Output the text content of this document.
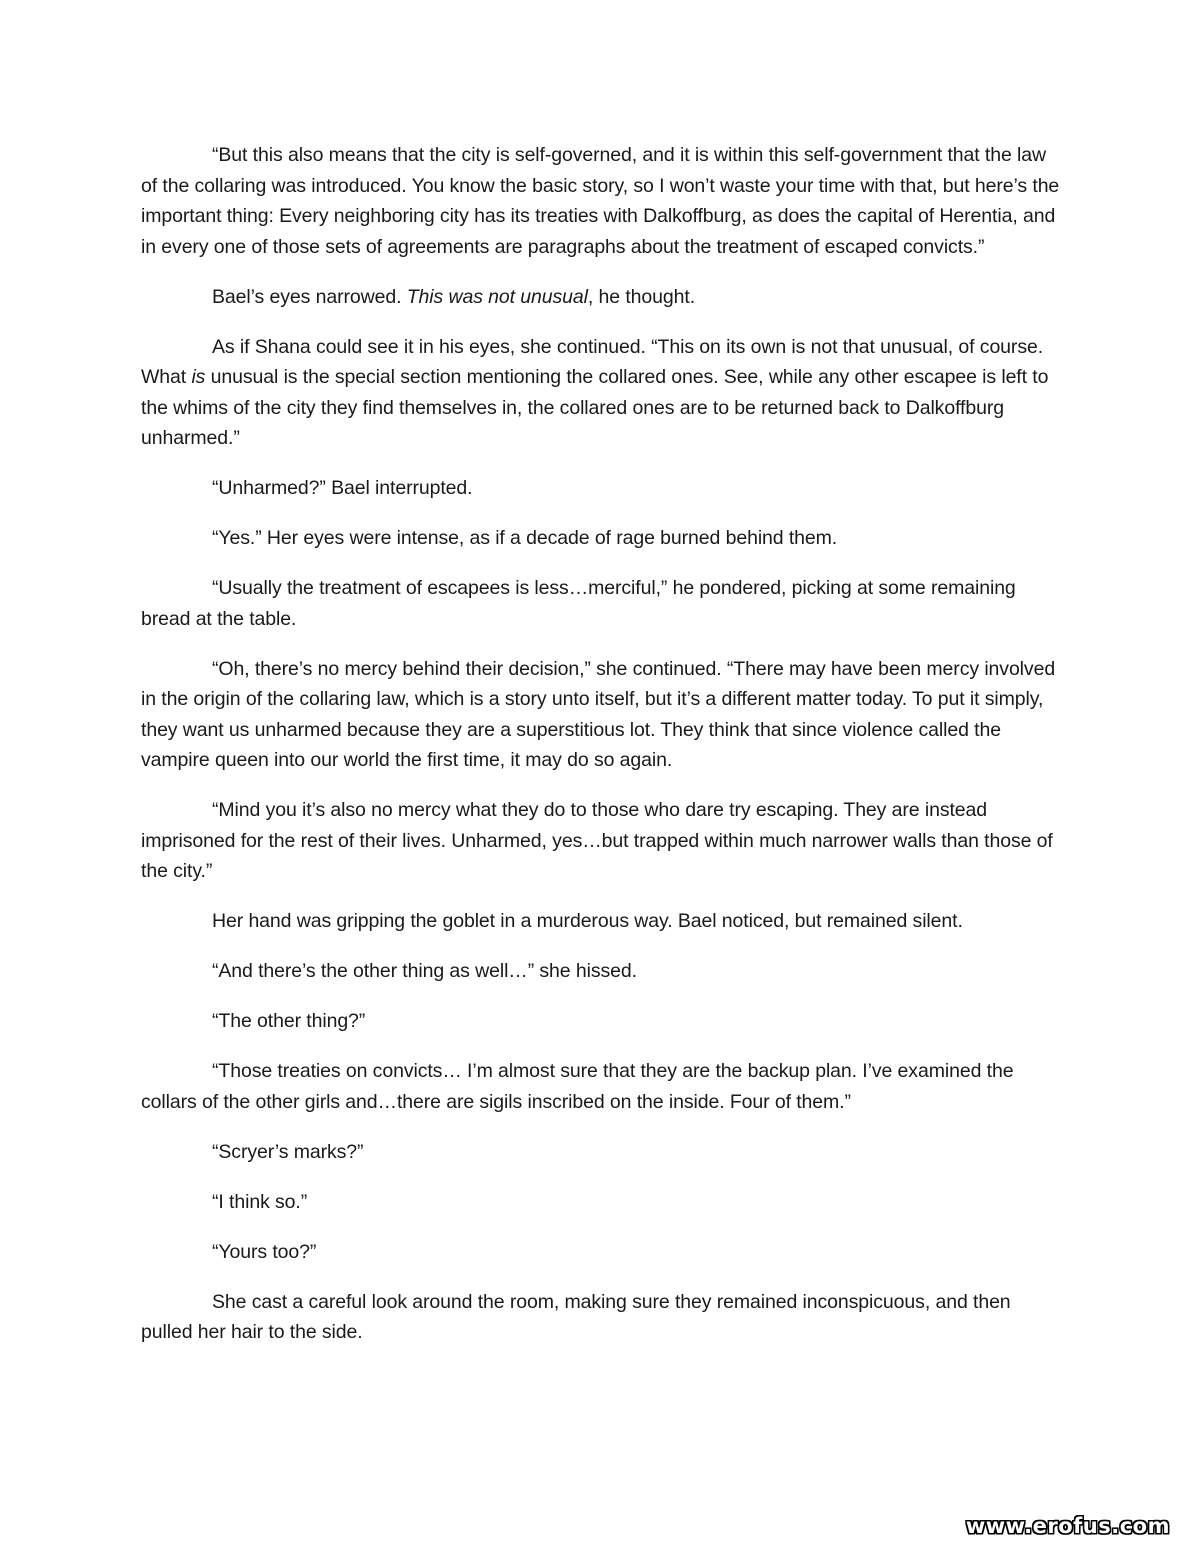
“But this also means that the city is self-governed, and it is within this self-government that the law of the collaring was introduced. You know the basic story, so I won’t waste your time with that, but here’s the important thing: Every neighboring city has its treaties with Dalkoffburg, as does the capital of Herentia, and in every one of those sets of agreements are paragraphs about the treatment of escaped convicts.”

Bael’s eyes narrowed. This was not unusual, he thought.

As if Shana could see it in his eyes, she continued. “This on its own is not that unusual, of course. What is unusual is the special section mentioning the collared ones. See, while any other escapee is left to the whims of the city they find themselves in, the collared ones are to be returned back to Dalkoffburg unharmed.”

“Unharmed?” Bael interrupted.

“Yes.” Her eyes were intense, as if a decade of rage burned behind them.

“Usually the treatment of escapees is less…merciful,” he pondered, picking at some remaining bread at the table.

“Oh, there’s no mercy behind their decision,” she continued. “There may have been mercy involved in the origin of the collaring law, which is a story unto itself, but it’s a different matter today. To put it simply, they want us unharmed because they are a superstitious lot. They think that since violence called the vampire queen into our world the first time, it may do so again.

“Mind you it’s also no mercy what they do to those who dare try escaping. They are instead imprisoned for the rest of their lives. Unharmed, yes…but trapped within much narrower walls than those of the city.”

Her hand was gripping the goblet in a murderous way. Bael noticed, but remained silent.

“And there’s the other thing as well…” she hissed.

“The other thing?”

“Those treaties on convicts… I’m almost sure that they are the backup plan. I’ve examined the collars of the other girls and…there are sigils inscribed on the inside. Four of them.”

“Scryer’s marks?”

“I think so.”

“Yours too?”

She cast a careful look around the room, making sure they remained inconspicuous, and then pulled her hair to the side.

www.erofus.com
